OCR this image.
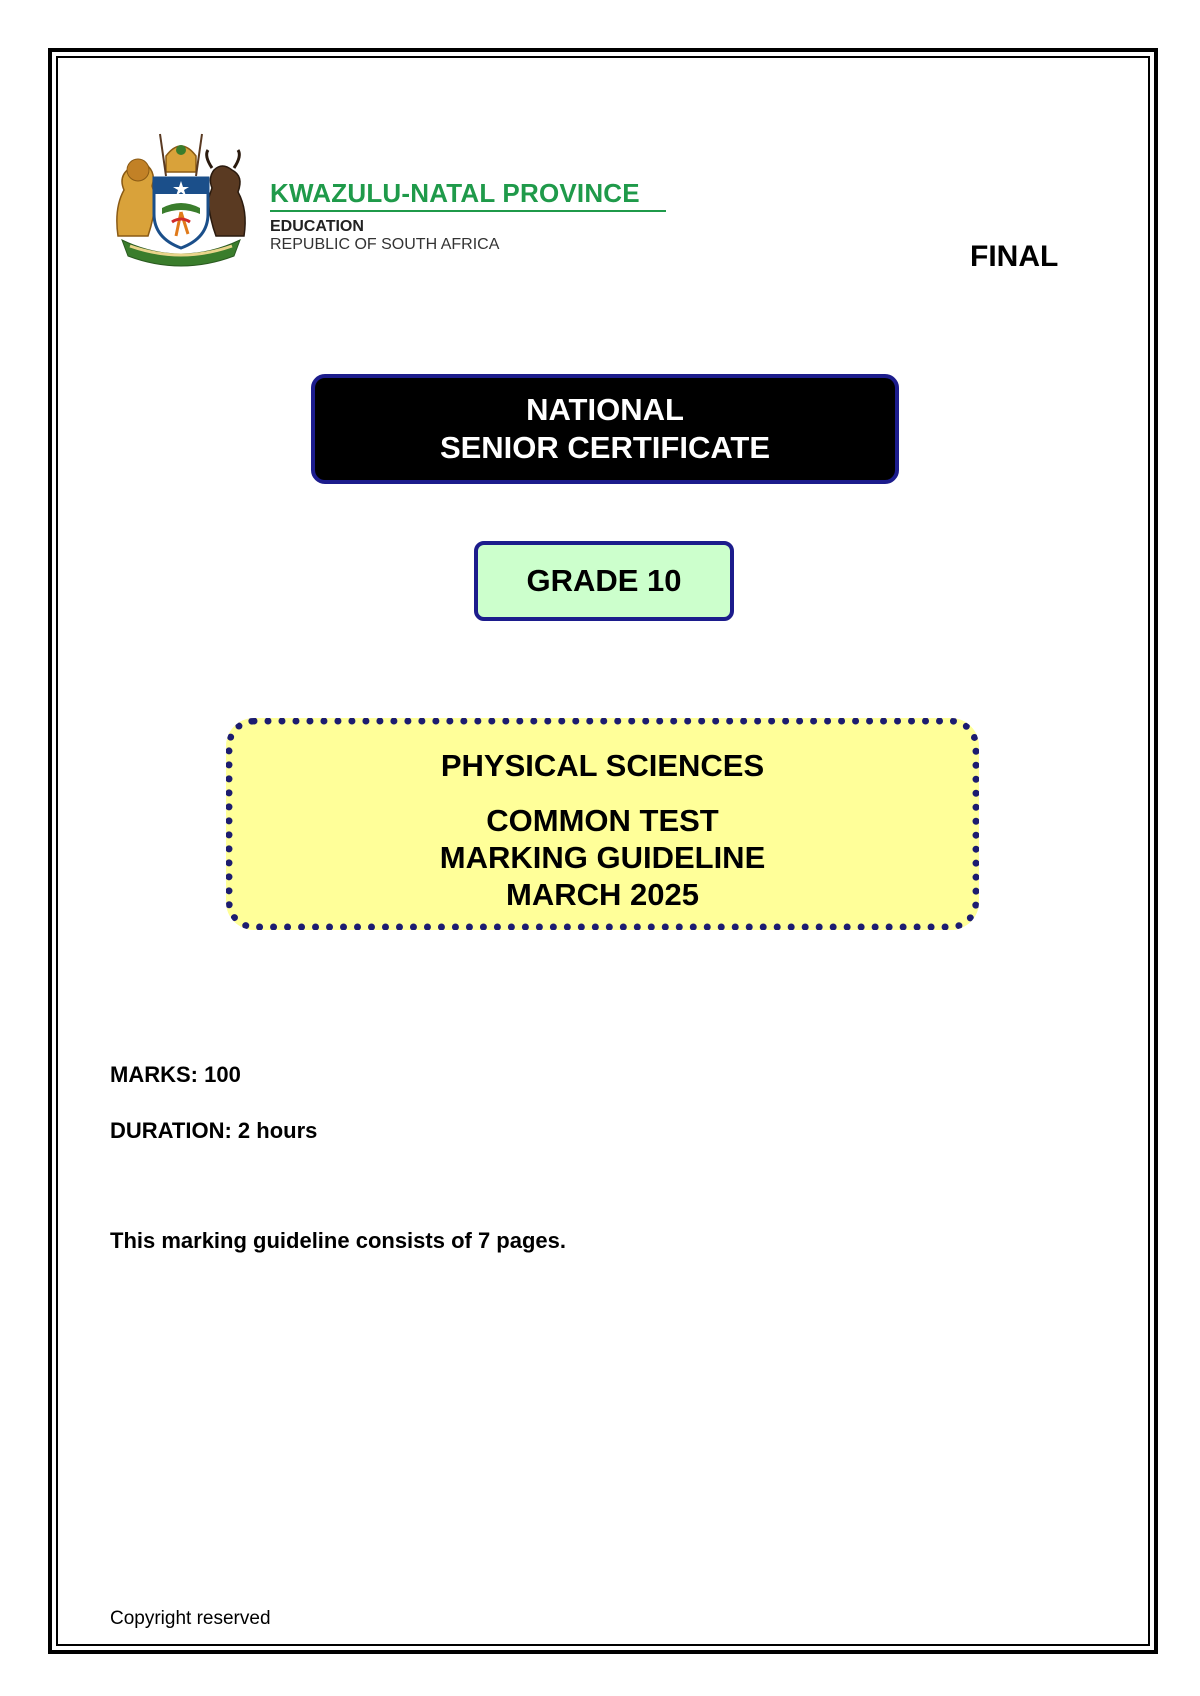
KWAZULU-NATAL PROVINCE
EDUCATION
REPUBLIC OF SOUTH AFRICA	FINAL
NATIONAL
SENIOR CERTIFICATE
GRADE 10
PHYSICAL SCIENCES
COMMON TEST
MARKING GUIDELINE
MARCH 2025
MARKS: 100
DURATION: 2 hours
This marking guideline consists of 7 pages.
Copyright reserved
